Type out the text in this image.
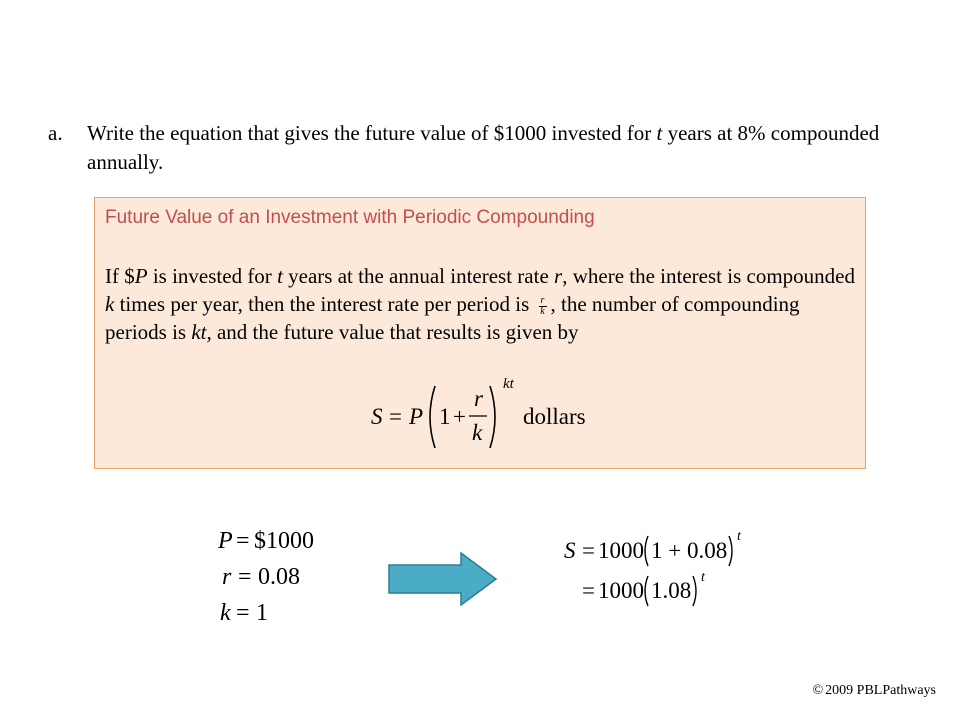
a. Write the equation that gives the future value of $1000 invested for t years at 8% compounded annually.
Future Value of an Investment with Periodic Compounding
If $P is invested for t years at the annual interest rate r, where the interest is compounded k times per year, then the interest rate per period is $\frac{r}{k}$ , the number of compounding periods is kt, and the future value that results is given by
S = P 1 +
r
k
kt
dollars
P = $1000
r = 0.08
k = 1
S = 1000 1 + 0.08
t
= 1000 1.08
t
© 2009 PBLPathways
